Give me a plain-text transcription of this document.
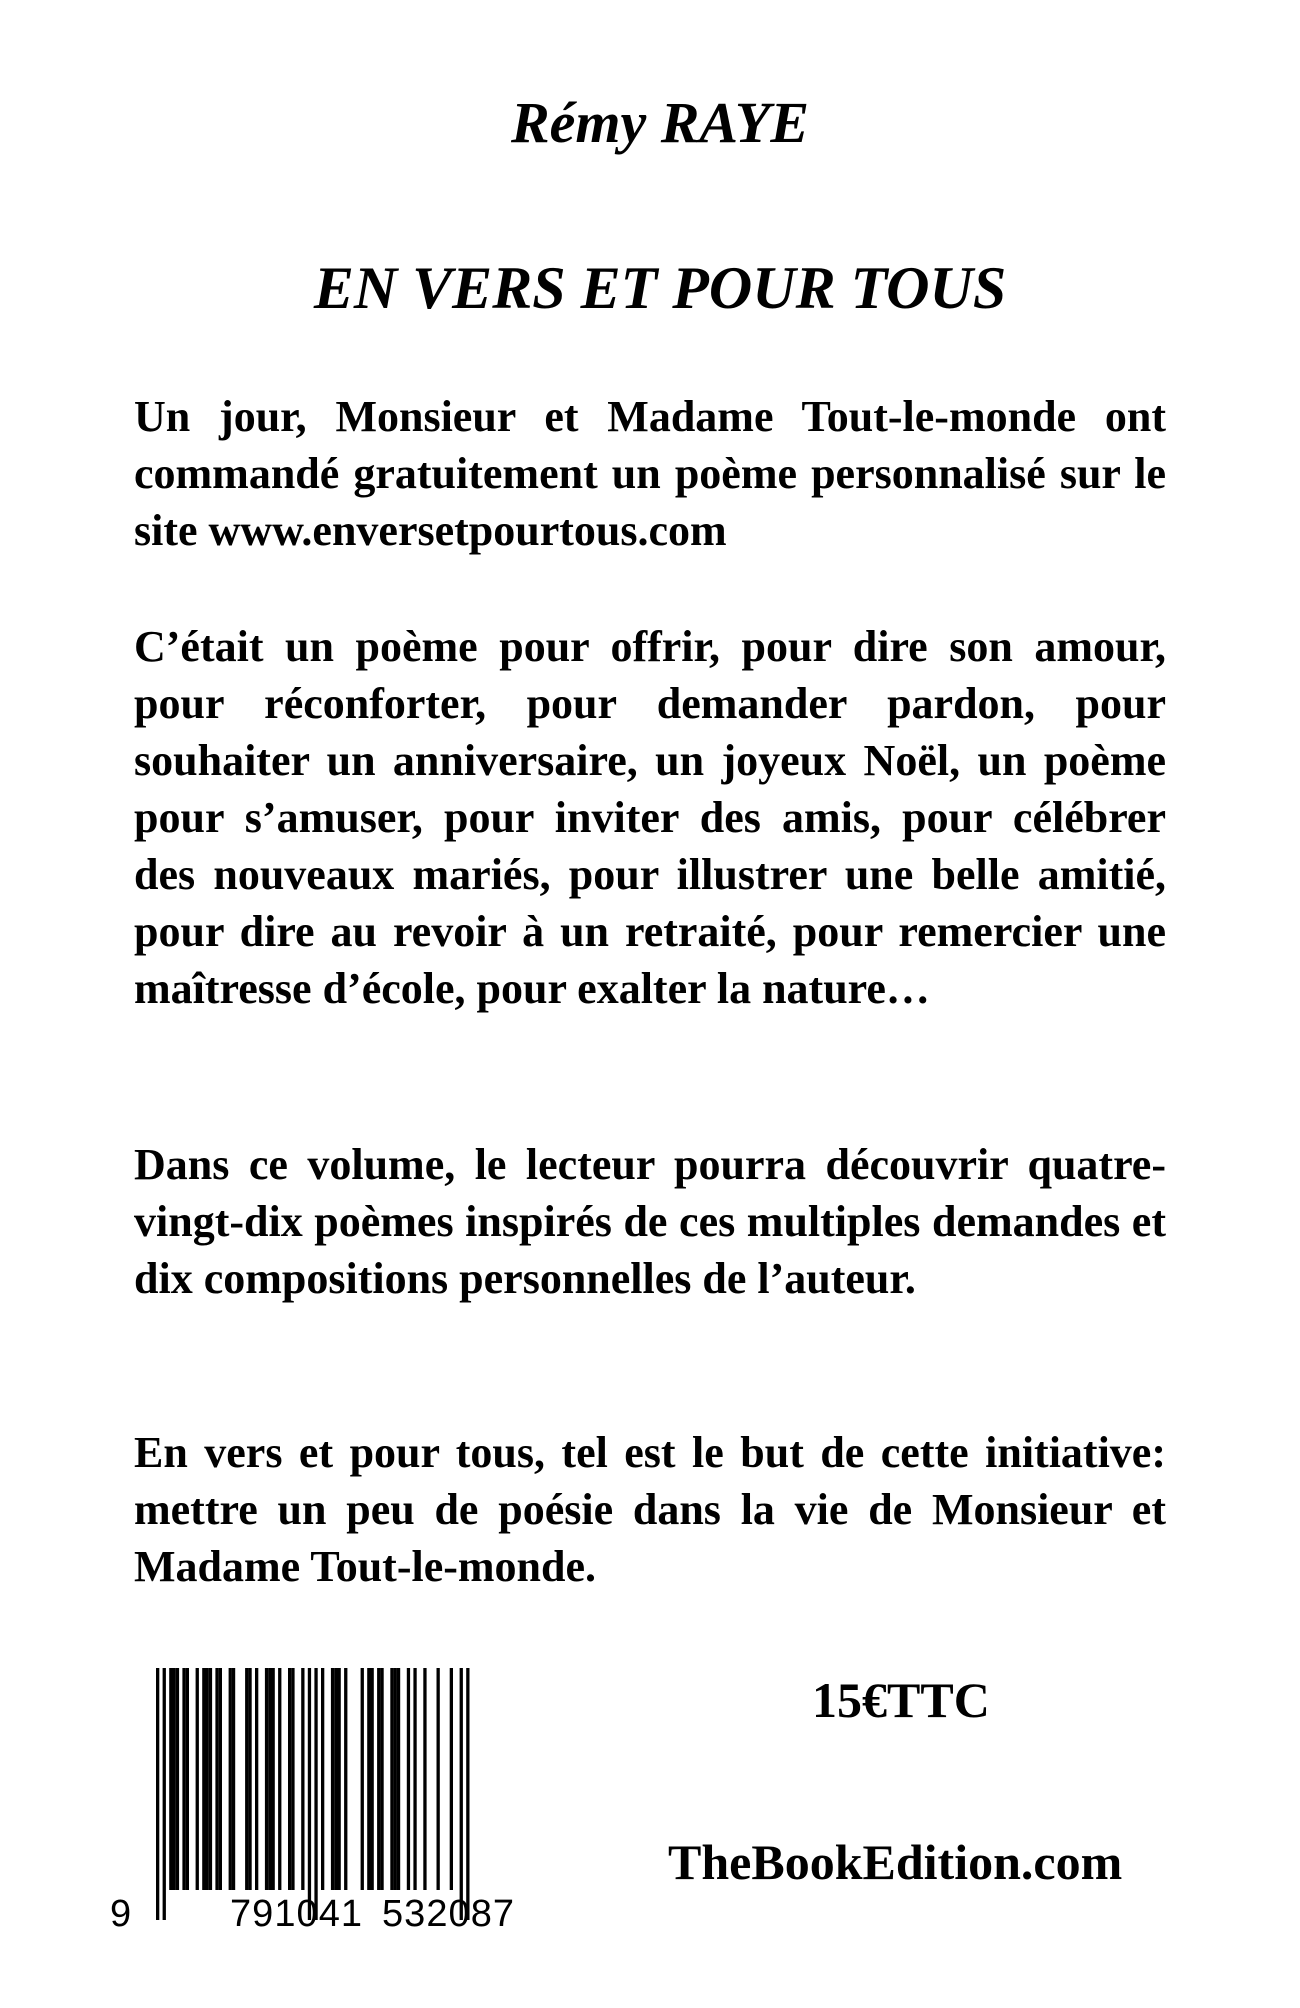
Rémy RAYE
EN VERS ET POUR TOUS

Un jour, Monsieur et Madame Tout-le-monde ont commandé gratuitement un poème personnalisé sur le site www.enversetpourtous.com

C’était un poème pour offrir, pour dire son amour, pour réconforter, pour demander pardon, pour souhaiter un anniversaire, un joyeux Noël, un poème pour s’amuser, pour inviter des amis, pour célébrer des nouveaux mariés, pour illustrer une belle amitié, pour dire au revoir à un retraité, pour remercier une maîtresse d’école, pour exalter la nature…

Dans ce volume, le lecteur pourra découvrir quatre-vingt-dix poèmes inspirés de ces multiples demandes et dix compositions personnelles de l’auteur.

En vers et pour tous, tel est le but de cette initiative: mettre un peu de poésie dans la vie de Monsieur et Madame Tout-le-monde.

9	791041 532087
15€TTC
TheBookEdition.com
